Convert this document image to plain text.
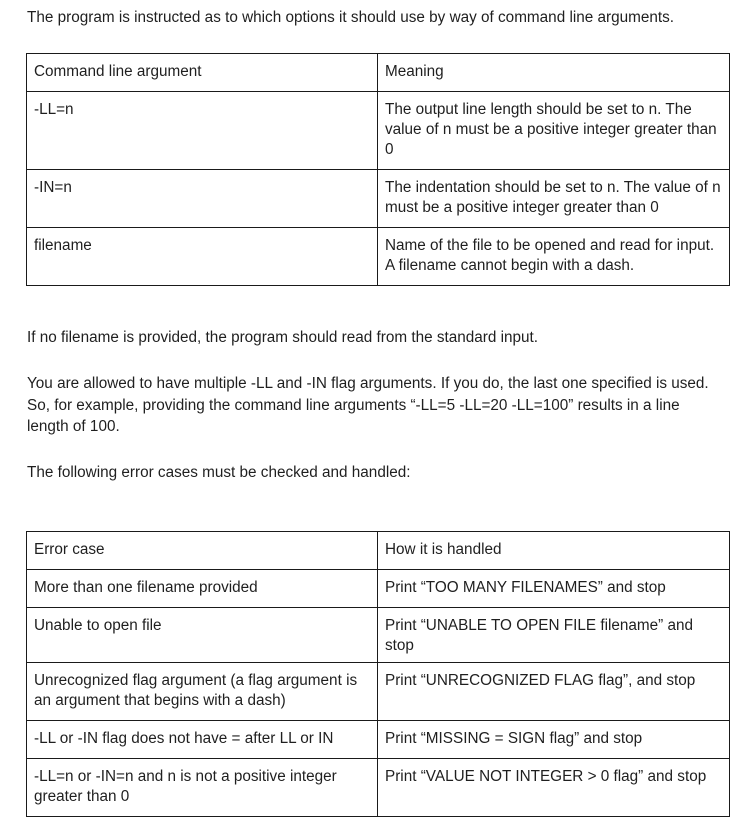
The program is instructed as to which options it should use by way of command line arguments.

Command line argument	Meaning
-LL=n	The output line length should be set to n. The value of n must be a positive integer greater than 0
-IN=n	The indentation should be set to n. The value of n must be a positive integer greater than 0
filename	Name of the file to be opened and read for input. A filename cannot begin with a dash.

If no filename is provided, the program should read from the standard input.

You are allowed to have multiple -LL and -IN flag arguments. If you do, the last one specified is used. So, for example, providing the command line arguments “-LL=5 -LL=20 -LL=100” results in a line length of 100.

The following error cases must be checked and handled:

Error case	How it is handled
More than one filename provided	Print “TOO MANY FILENAMES” and stop
Unable to open file	Print “UNABLE TO OPEN FILE filename” and stop
Unrecognized flag argument (a flag argument is an argument that begins with a dash)	Print “UNRECOGNIZED FLAG flag”, and stop
-LL or -IN flag does not have = after LL or IN	Print “MISSING = SIGN flag” and stop
-LL=n or -IN=n and n is not a positive integer greater than 0	Print “VALUE NOT INTEGER > 0 flag” and stop
